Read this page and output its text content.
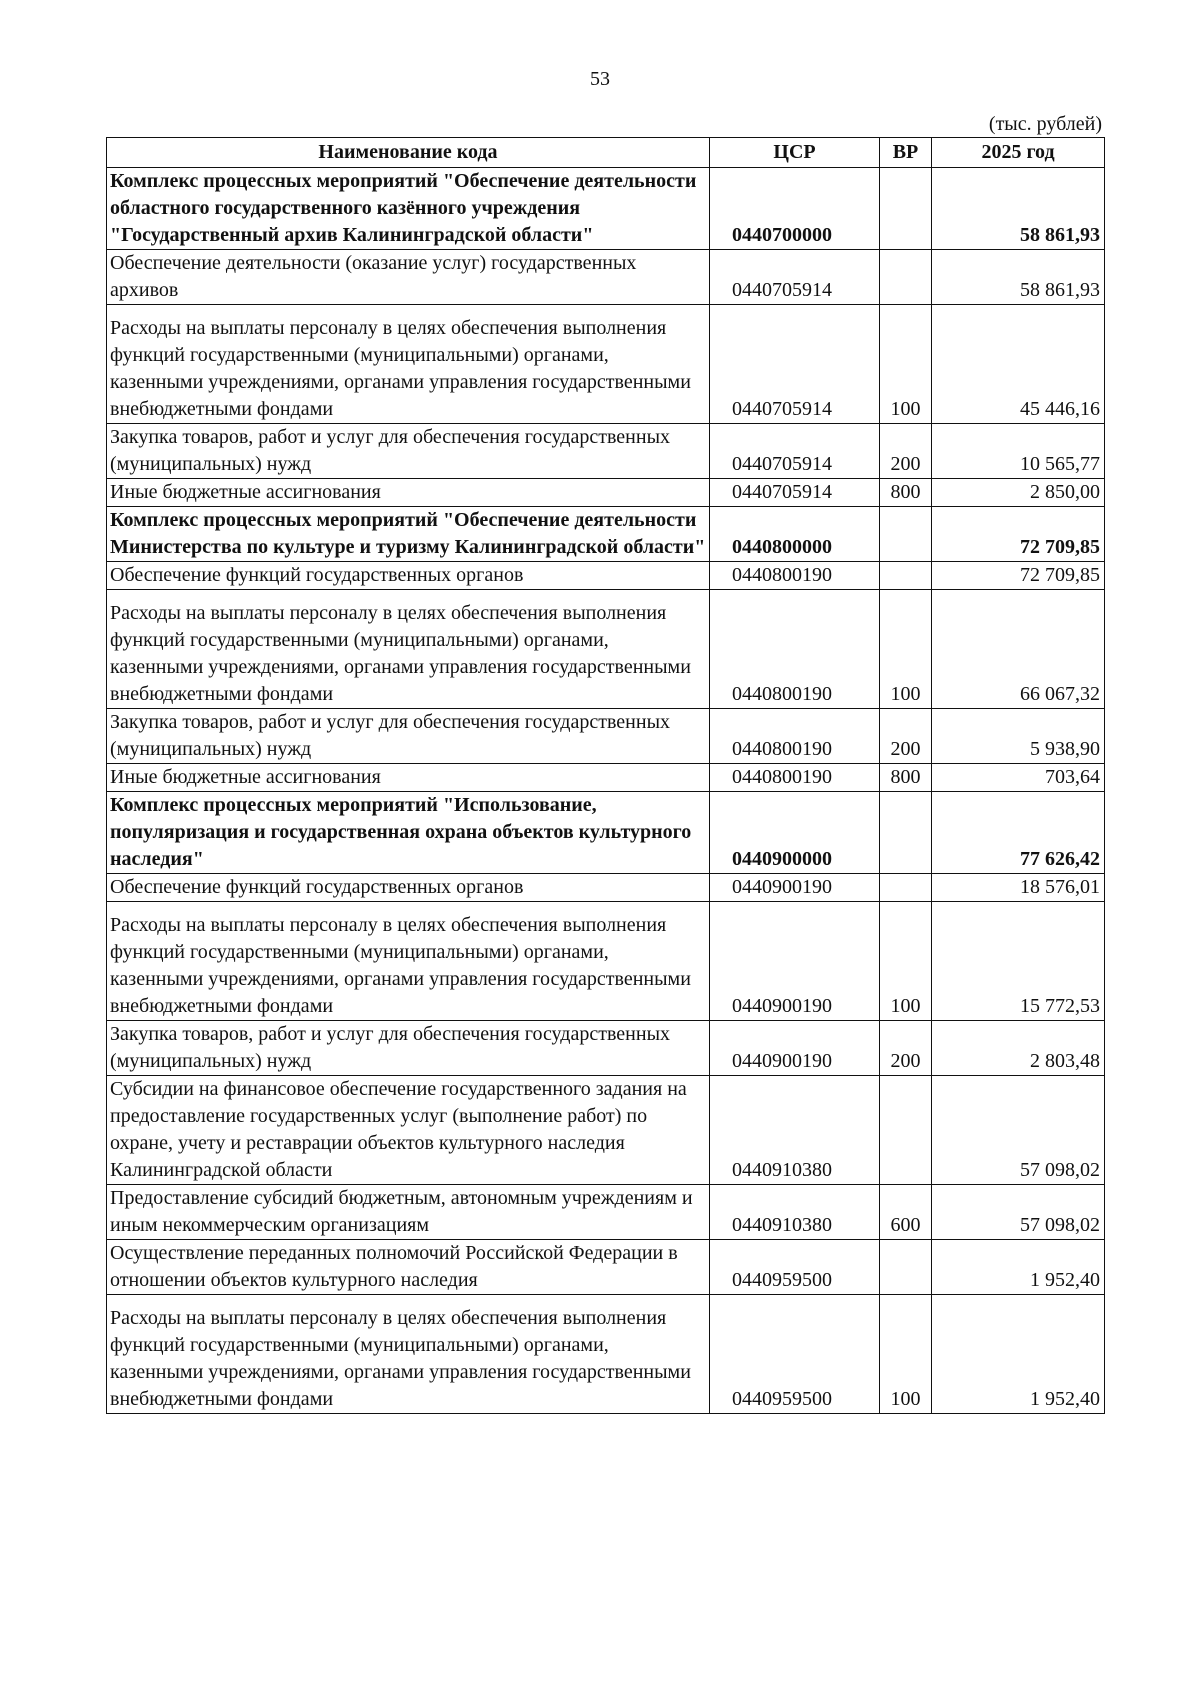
53
(тыс. рублей)
Наименование кода	ЦСР	ВР	2025 год
Комплекс процессных мероприятий "Обеспечение деятельности областного государственного казённого учреждения "Государственный архив Калининградской области"	0440700000		58 861,93
Обеспечение деятельности (оказание услуг) государственных архивов	0440705914		58 861,93
Расходы на выплаты персоналу в целях обеспечения выполнения функций государственными (муниципальными) органами, казенными учреждениями, органами управления государственными внебюджетными фондами	0440705914	100	45 446,16
Закупка товаров, работ и услуг для обеспечения государственных (муниципальных) нужд	0440705914	200	10 565,77
Иные бюджетные ассигнования	0440705914	800	2 850,00
Комплекс процессных мероприятий "Обеспечение деятельности Министерства по культуре и туризму Калининградской области"	0440800000		72 709,85
Обеспечение функций государственных органов	0440800190		72 709,85
Расходы на выплаты персоналу в целях обеспечения выполнения функций государственными (муниципальными) органами, казенными учреждениями, органами управления государственными внебюджетными фондами	0440800190	100	66 067,32
Закупка товаров, работ и услуг для обеспечения государственных (муниципальных) нужд	0440800190	200	5 938,90
Иные бюджетные ассигнования	0440800190	800	703,64
Комплекс процессных мероприятий "Использование, популяризация и государственная охрана объектов культурного наследия"	0440900000		77 626,42
Обеспечение функций государственных органов	0440900190		18 576,01
Расходы на выплаты персоналу в целях обеспечения выполнения функций государственными (муниципальными) органами, казенными учреждениями, органами управления государственными внебюджетными фондами	0440900190	100	15 772,53
Закупка товаров, работ и услуг для обеспечения государственных (муниципальных) нужд	0440900190	200	2 803,48
Субсидии на финансовое обеспечение государственного задания на предоставление государственных услуг (выполнение работ) по охране, учету и реставрации объектов культурного наследия Калининградской области	0440910380		57 098,02
Предоставление субсидий бюджетным, автономным учреждениям и иным некоммерческим организациям	0440910380	600	57 098,02
Осуществление переданных полномочий Российской Федерации в отношении объектов культурного наследия	0440959500		1 952,40
Расходы на выплаты персоналу в целях обеспечения выполнения функций государственными (муниципальными) органами, казенными учреждениями, органами управления государственными внебюджетными фондами	0440959500	100	1 952,40
